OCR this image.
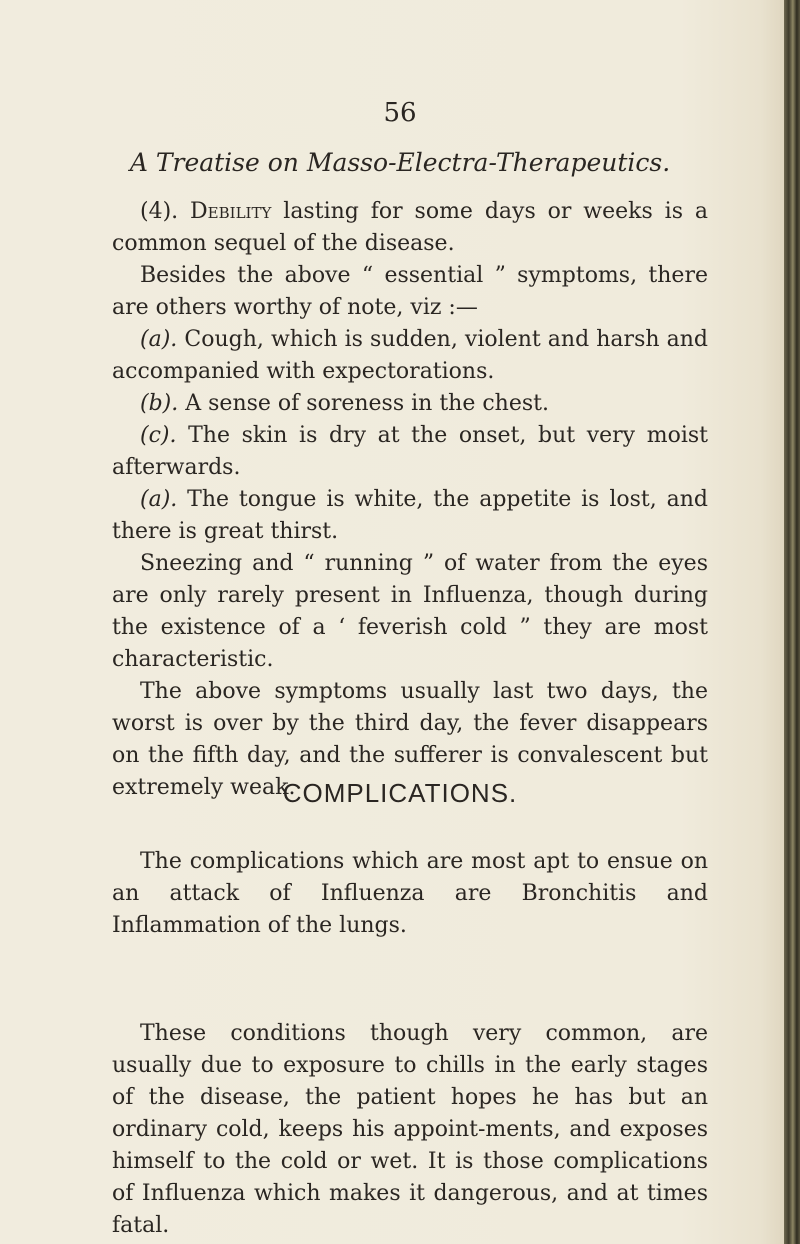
56
A Treatise on Masso-Electra-Therapeutics.

(4). Debility lasting for some days or weeks is a common sequel of the disease.

Besides the above “ essential ” symptoms, there are others worthy of note, viz :—

(a). Cough, which is sudden, violent and harsh and accompanied with expectorations.

(b). A sense of soreness in the chest.

(c). The skin is dry at the onset, but very moist afterwards.

(a). The tongue is white, the appetite is lost, and there is great thirst.

Sneezing and “ running ” of water from the eyes are only rarely present in Influenza, though during the existence of a ‘ feverish cold ” they are most characteristic.

The above symptoms usually last two days, the worst is over by the third day, the fever disappears on the fifth day, and the sufferer is convalescent but extremely weak.

COMPLICATIONS.

The complications which are most apt to ensue on an attack of Influenza are Bronchitis and Inflammation of the lungs.

These conditions though very common, are usually due to exposure to chills in the early stages of the disease, the patient hopes he has but an ordinary cold, keeps his appoint-ments, and exposes himself to the cold or wet. It is those complications of Influenza which makes it dangerous, and at times fatal.
